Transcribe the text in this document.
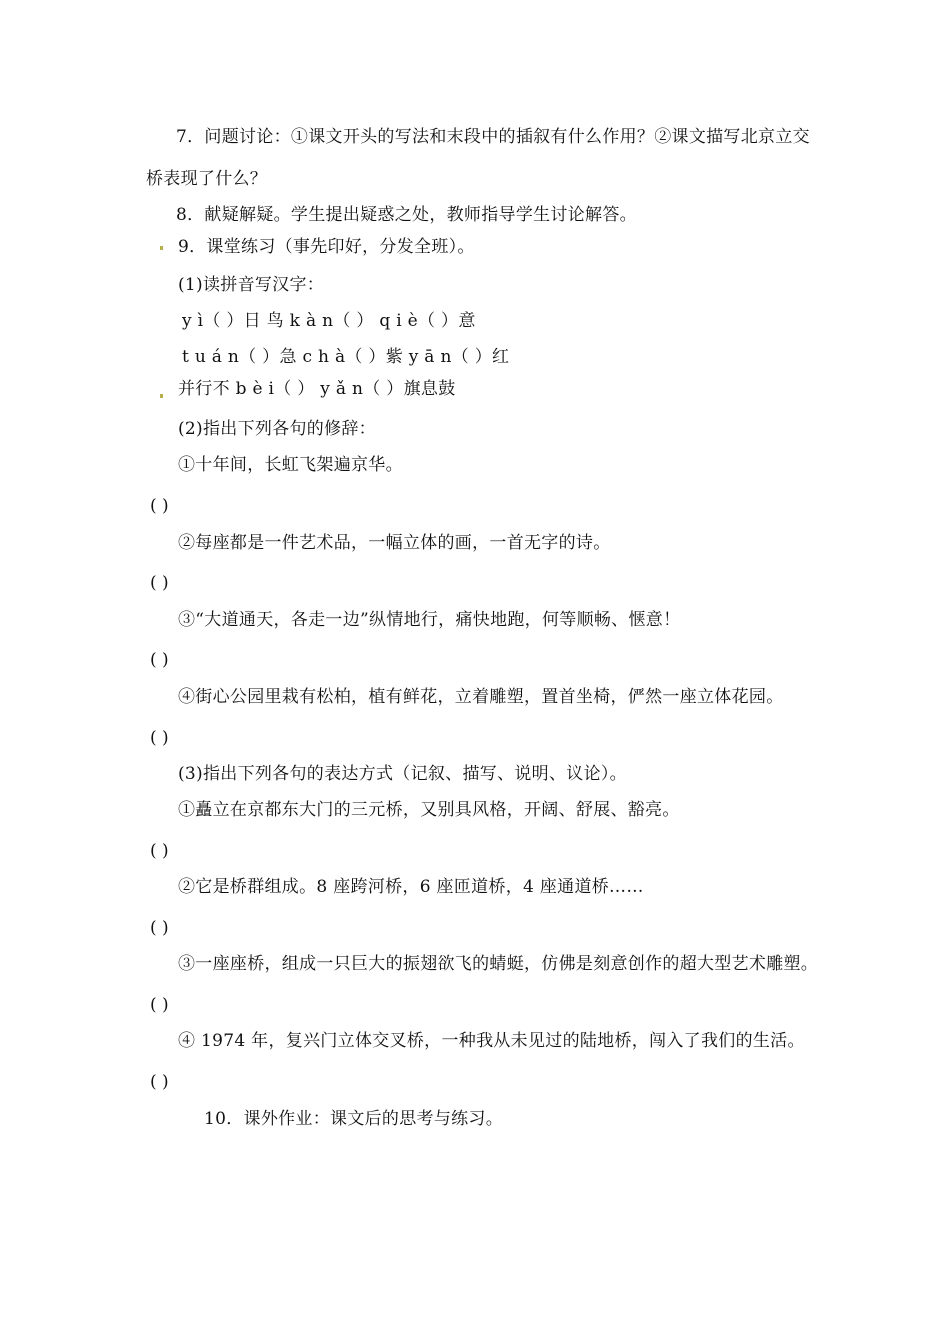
7．问题讨论：①课文开头的写法和末段中的插叙有什么作用？②课文描写北京立交
桥表现了什么？
8．献疑解疑。学生提出疑惑之处，教师指导学生讨论解答。
9．课堂练习（事先印好，分发全班）。
(1)读拼音写汉字：
y ì（ ）日 鸟 k à n（ ） q i è（ ）意
t u á n（ ）急 c h à（ ）紫 y ā n（ ）红
并行不 b è i（ ） y ǎ n（ ）旗息鼓
(2)指出下列各句的修辞：
①十年间，长虹飞架遍京华。
( )
②每座都是一件艺术品，一幅立体的画，一首无字的诗。
( )
③“大道通天，各走一边”纵情地行，痛快地跑，何等顺畅、惬意！
( )
④街心公园里栽有松柏，植有鲜花，立着雕塑，置首坐椅，俨然一座立体花园。
( )
(3)指出下列各句的表达方式（记叙、描写、说明、议论）。
①矗立在京都东大门的三元桥，又别具风格，开阔、舒展、豁亮。
( )
②它是桥群组成。8 座跨河桥，6 座匝道桥，4 座通道桥……
( )
③一座座桥，组成一只巨大的振翅欲飞的蜻蜓，仿佛是刻意创作的超大型艺术雕塑。
( )
④ 1974 年，复兴门立体交叉桥，一种我从未见过的陆地桥，闯入了我们的生活。
( )
10．课外作业：课文后的思考与练习。
